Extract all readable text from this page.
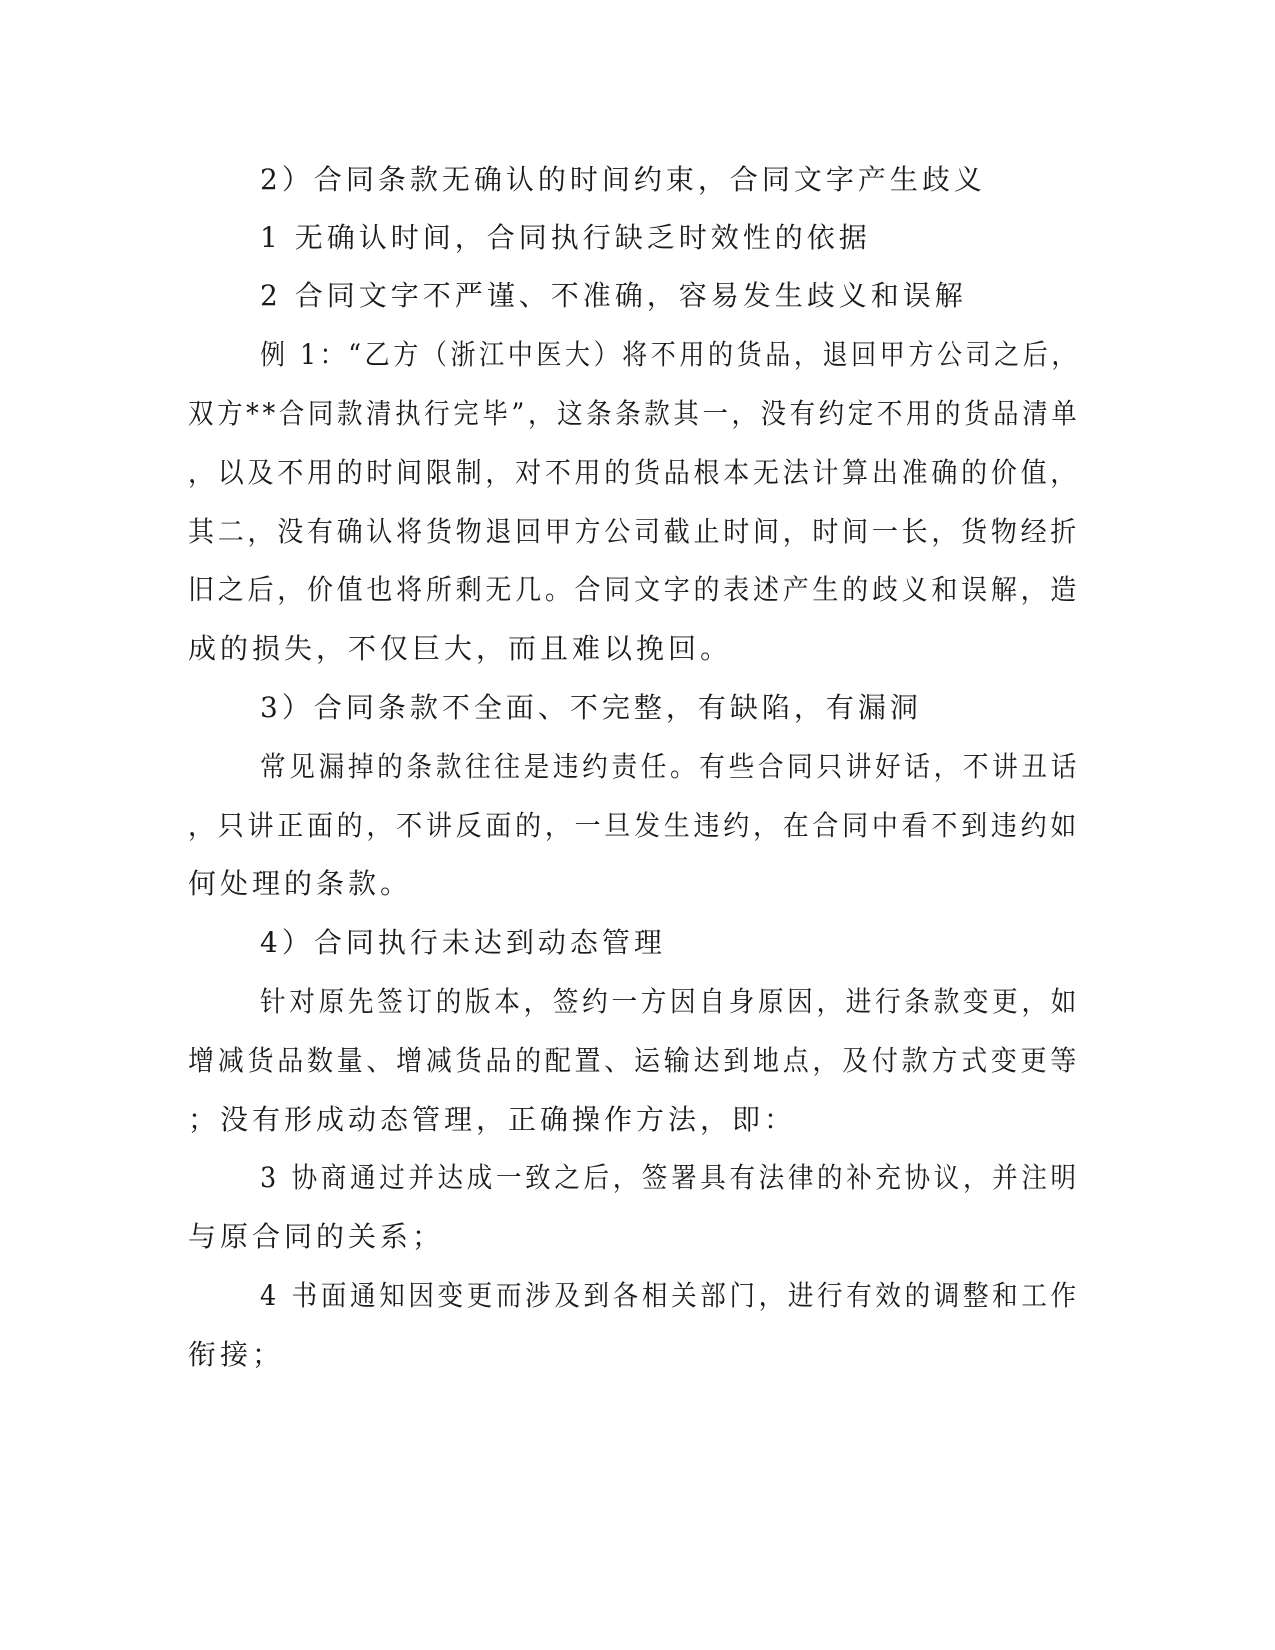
2）合同条款无确认的时间约束，合同文字产生歧义
1 无确认时间，合同执行缺乏时效性的依据
2 合同文字不严谨、不准确，容易发生歧义和误解
例 1：“乙方（浙江中医大）将不用的货品，退回甲方公司之后，
双方**合同款清执行完毕”，这条条款其一，没有约定不用的货品清单
，以及不用的时间限制，对不用的货品根本无法计算出准确的价值，
其二，没有确认将货物退回甲方公司截止时间，时间一长，货物经折
旧之后，价值也将所剩无几。合同文字的表述产生的歧义和误解，造
成的损失，不仅巨大，而且难以挽回。
3）合同条款不全面、不完整，有缺陷，有漏洞
常见漏掉的条款往往是违约责任。有些合同只讲好话，不讲丑话
，只讲正面的，不讲反面的，一旦发生违约，在合同中看不到违约如
何处理的条款。
4）合同执行未达到动态管理
针对原先签订的版本，签约一方因自身原因，进行条款变更，如
增减货品数量、增减货品的配置、运输达到地点，及付款方式变更等
；没有形成动态管理，正确操作方法，即：
3 协商通过并达成一致之后，签署具有法律的补充协议，并注明
与原合同的关系；
4 书面通知因变更而涉及到各相关部门，进行有效的调整和工作
衔接；
